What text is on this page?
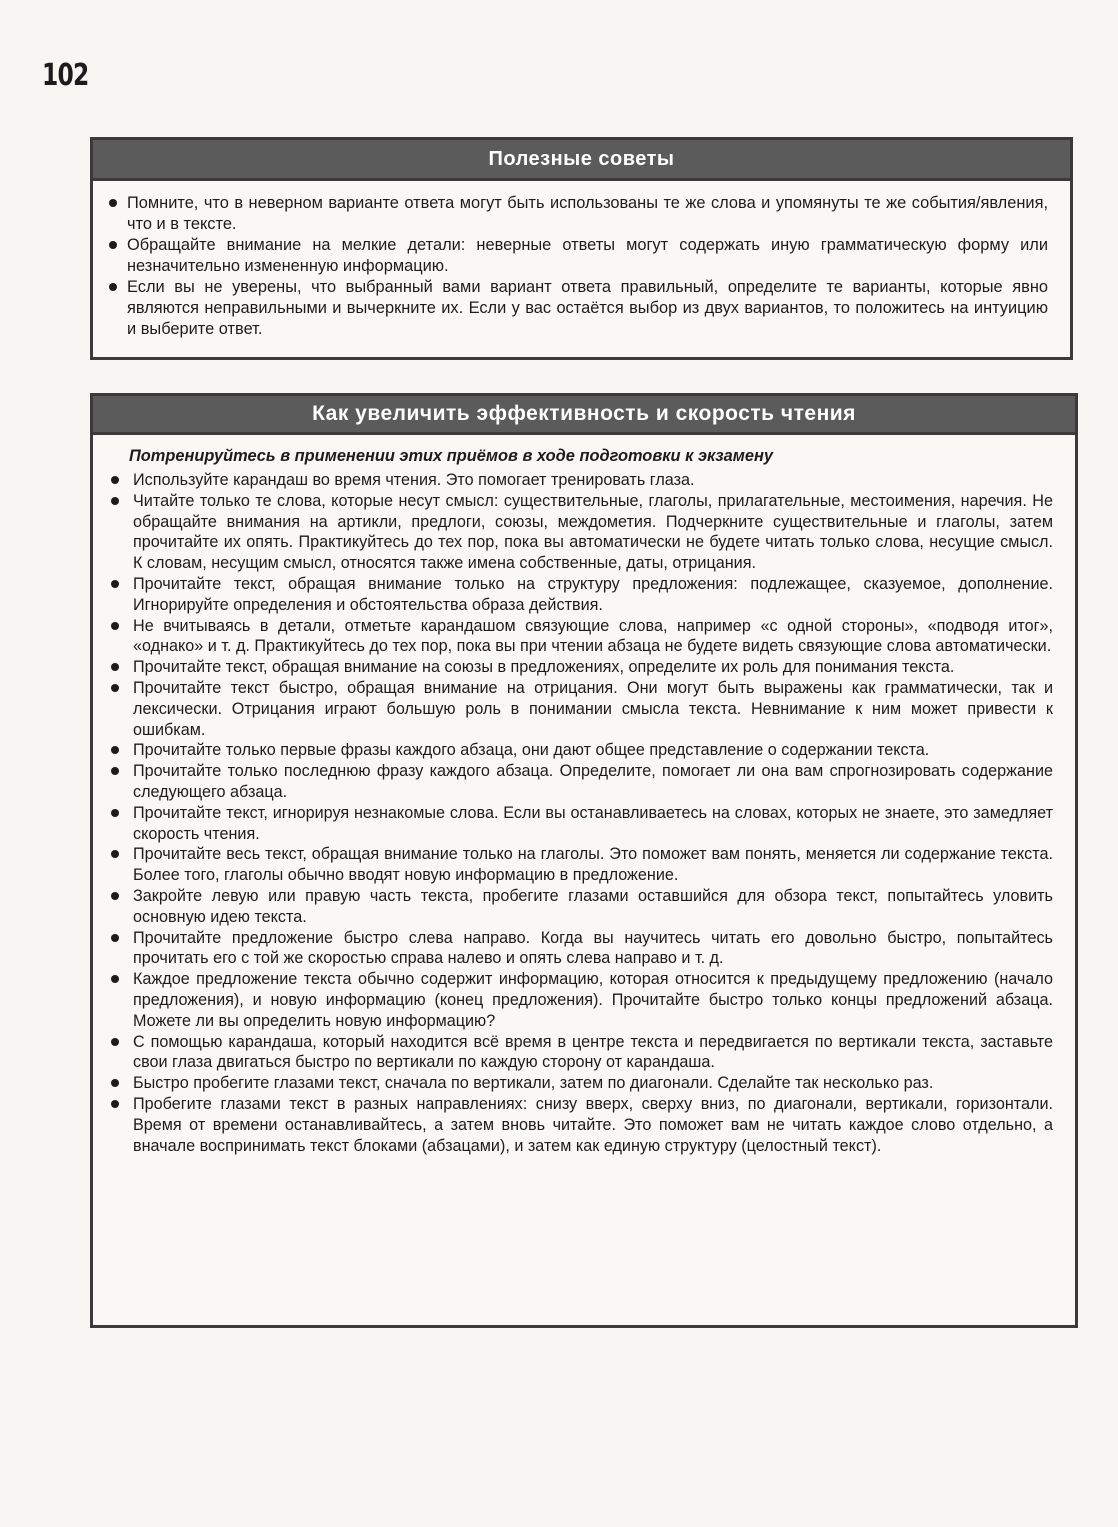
102
Полезные советы
Помните, что в неверном варианте ответа могут быть использованы те же слова и упомянуты те же события/явления, что и в тексте.
Обращайте внимание на мелкие детали: неверные ответы могут содержать иную грамматическую форму или незначительно измененную информацию.
Если вы не уверены, что выбранный вами вариант ответа правильный, определите те варианты, которые явно являются неправильными и вычеркните их. Если у вас остаётся выбор из двух вариантов, то положитесь на интуицию и выберите ответ.
Как увеличить эффективность и скорость чтения
Потренируйтесь в применении этих приёмов в ходе подготовки к экзамену
Используйте карандаш во время чтения. Это помогает тренировать глаза.
Читайте только те слова, которые несут смысл: существительные, глаголы, прилагательные, местоимения, наречия. Не обращайте внимания на артикли, предлоги, союзы, междометия. Подчеркните существительные и глаголы, затем прочитайте их опять. Практикуйтесь до тех пор, пока вы автоматически не будете читать только слова, несущие смысл. К словам, несущим смысл, относятся также имена собственные, даты, отрицания.
Прочитайте текст, обращая внимание только на структуру предложения: подлежащее, сказуемое, дополнение. Игнорируйте определения и обстоятельства образа действия.
Не вчитываясь в детали, отметьте карандашом связующие слова, например «с одной стороны», «подводя итог», «однако» и т. д. Практикуйтесь до тех пор, пока вы при чтении абзаца не будете видеть связующие слова автоматически.
Прочитайте текст, обращая внимание на союзы в предложениях, определите их роль для понимания текста.
Прочитайте текст быстро, обращая внимание на отрицания. Они могут быть выражены как грамматически, так и лексически. Отрицания играют большую роль в понимании смысла текста. Невнимание к ним может привести к ошибкам.
Прочитайте только первые фразы каждого абзаца, они дают общее представление о содержании текста.
Прочитайте только последнюю фразу каждого абзаца. Определите, помогает ли она вам спрогнозировать содержание следующего абзаца.
Прочитайте текст, игнорируя незнакомые слова. Если вы останавливаетесь на словах, которых не знаете, это замедляет скорость чтения.
Прочитайте весь текст, обращая внимание только на глаголы. Это поможет вам понять, меняется ли содержание текста. Более того, глаголы обычно вводят новую информацию в предложение.
Закройте левую или правую часть текста, пробегите глазами оставшийся для обзора текст, попытайтесь уловить основную идею текста.
Прочитайте предложение быстро слева направо. Когда вы научитесь читать его довольно быстро, попытайтесь прочитать его с той же скоростью справа налево и опять слева направо и т. д.
Каждое предложение текста обычно содержит информацию, которая относится к предыдущему предложению (начало предложения), и новую информацию (конец предложения). Прочитайте быстро только концы предложений абзаца. Можете ли вы определить новую информацию?
С помощью карандаша, который находится всё время в центре текста и передвигается по вертикали текста, заставьте свои глаза двигаться быстро по вертикали по каждую сторону от карандаша.
Быстро пробегите глазами текст, сначала по вертикали, затем по диагонали. Сделайте так несколько раз.
Пробегите глазами текст в разных направлениях: снизу вверх, сверху вниз, по диагонали, вертикали, горизонтали. Время от времени останавливайтесь, а затем вновь читайте. Это поможет вам не читать каждое слово отдельно, а вначале воспринимать текст блоками (абзацами), и затем как единую структуру (целостный текст).
